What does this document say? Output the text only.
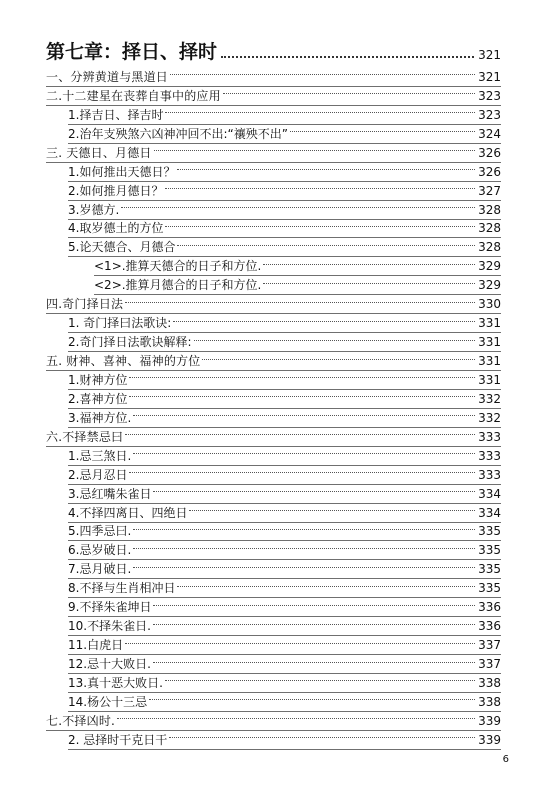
第七章：择日、择时	321
一、分辨黄道与黑道日	321
二.十二建星在丧葬自事中的应用	323
1.择吉日、择吉时	323
2.治年支殃煞六凶神冲回不出:“禳殃不出”	324
三. 天德日、月德日	326
1.如何推出天德日？	326
2.如何推月德日？	327
3.岁德方.	328
4.取岁德土的方位	328
5.论天德合、月德合	328
<1>.推算天德合的日子和方位.	329
<2>.推算月德合的日子和方位.	329
四.奇门择日法	330
1. 奇门择曰法歌诀:	331
2.奇门择日法歌诀解释:	331
五. 财神、喜神、福神的方位	331
1.财神方位	331
2.喜神方位	332
3.福神方位.	332
六.不择禁忌曰	333
1.忌三煞日.	333
2.忌月忍日	333
3.忌红嘴朱雀日	334
4.不择四离日、四绝日	334
5.四季忌曰.	335
6.忌岁破日.	335
7.忌月破日.	335
8.不择与生肖相冲日	335
9.不择朱雀坤日	336
10.不择朱雀日.	336
11.白虎日	337
12.忌十大败日.	337
13.真十恶大败日.	338
14.杨公十三忌	338
七.不择凶时.	339
2. 忌择时干克日干	339
6
